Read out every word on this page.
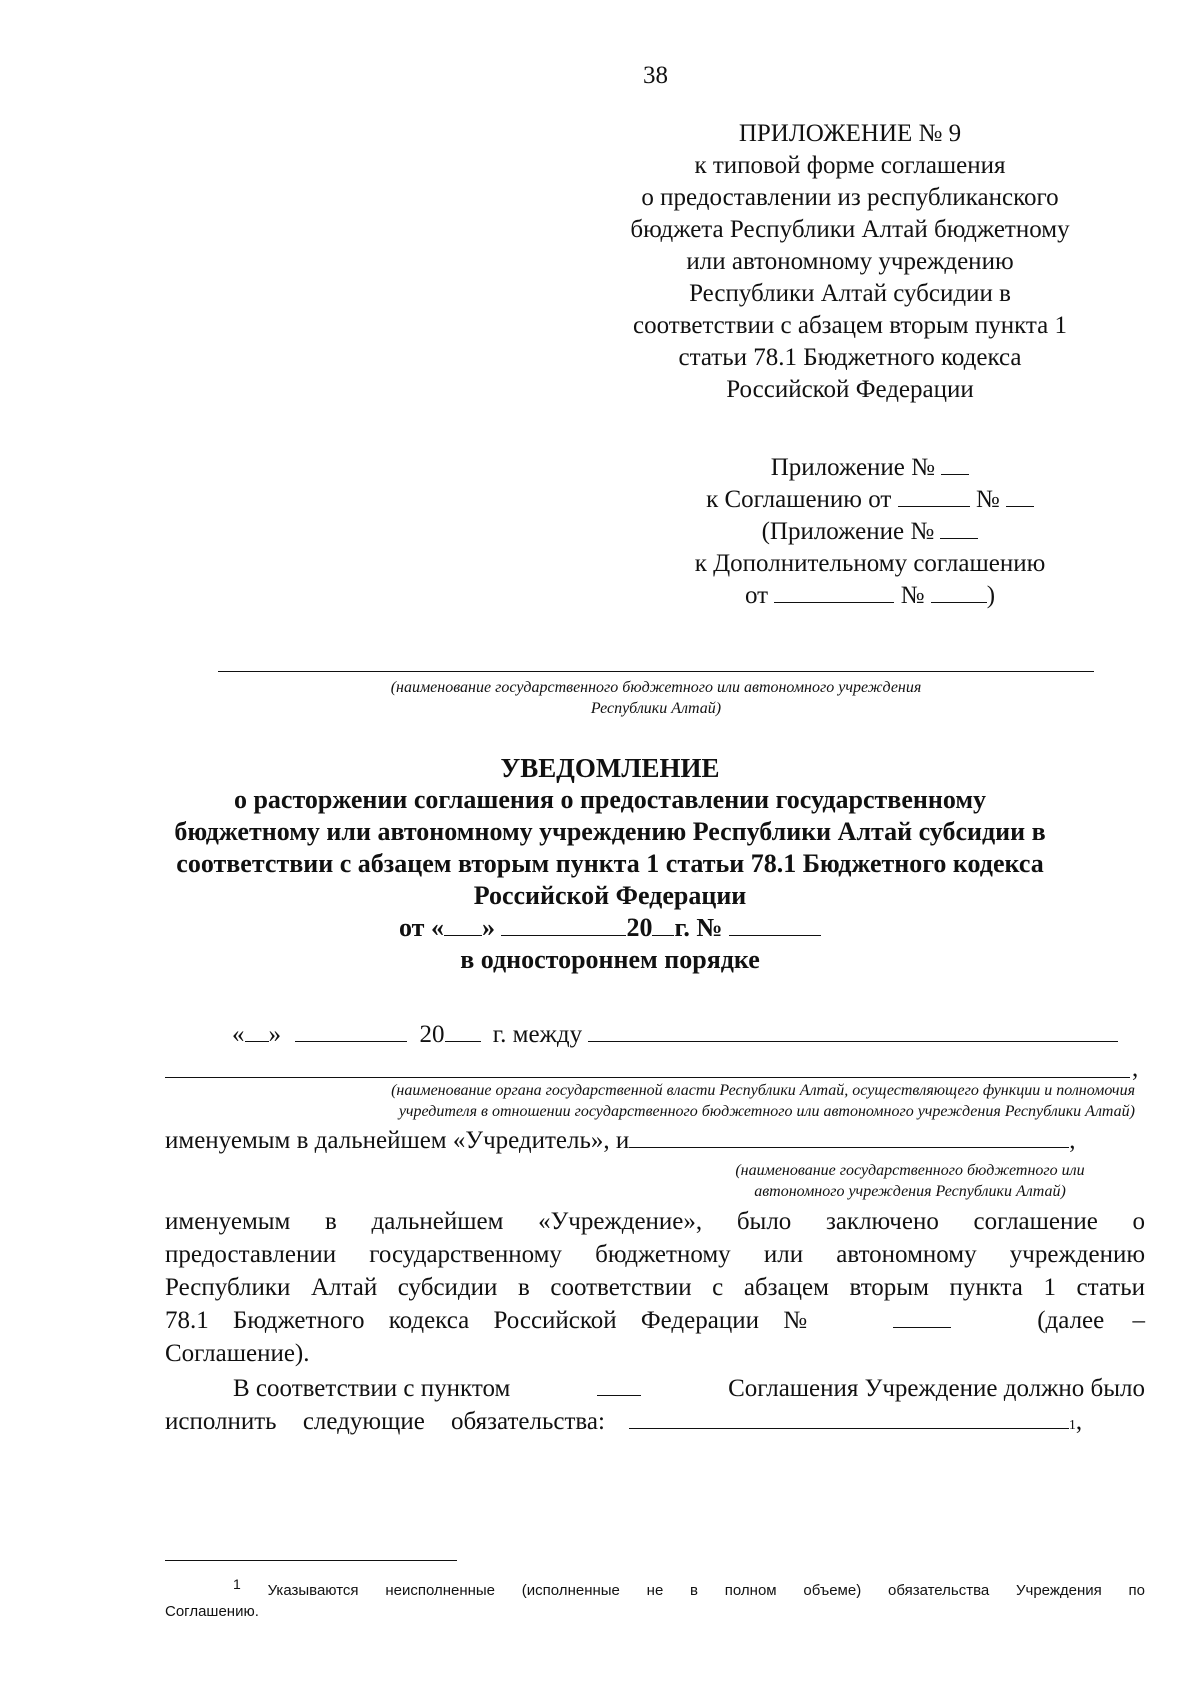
38
ПРИЛОЖЕНИЕ № 9
к типовой форме соглашения
о предоставлении из республиканского
бюджета Республики Алтай бюджетному
или автономному учреждению
Республики Алтай субсидии в
соответствии с абзацем вторым пункта 1
статьи 78.1 Бюджетного кодекса
Российской Федерации
Приложение №
к Соглашению от	№
(Приложение №
к Дополнительному соглашению
от	№ )
(наименование государственного бюджетного или автономного учреждения
Республики Алтай)
УВЕДОМЛЕНИЕ
о расторжении соглашения о предоставлении государственному
бюджетному или автономному учреждению Республики Алтай субсидии в
соответствии с абзацем вторым пункта 1 статьи 78.1 Бюджетного кодекса
Российской Федерации
от « »	20 г. №
в одностороннем порядке
« »	20 г. между
,
(наименование органа государственной власти Республики Алтай, осуществляющего функции и полномочия
учредителя в отношении государственного бюджетного или автономного учреждения Республики Алтай)
именуемым в дальнейшем «Учредитель», и	,
(наименование государственного бюджетного или
автономного учреждения Республики Алтай)
именуемым в дальнейшем «Учреждение», было заключено соглашение о
предоставлении государственному бюджетному или автономному учреждению
Республики Алтай субсидии в соответствии с абзацем вторым пункта 1 статьи
78.1 Бюджетного кодекса Российской Федерации №	(далее –
Соглашение).
В соответствии с пунктом	Соглашения Учреждение должно было
исполнить следующие обязательства:	1 ,
1 Указываются неисполненные (исполненные не в полном объеме) обязательства Учреждения по
Соглашению.
